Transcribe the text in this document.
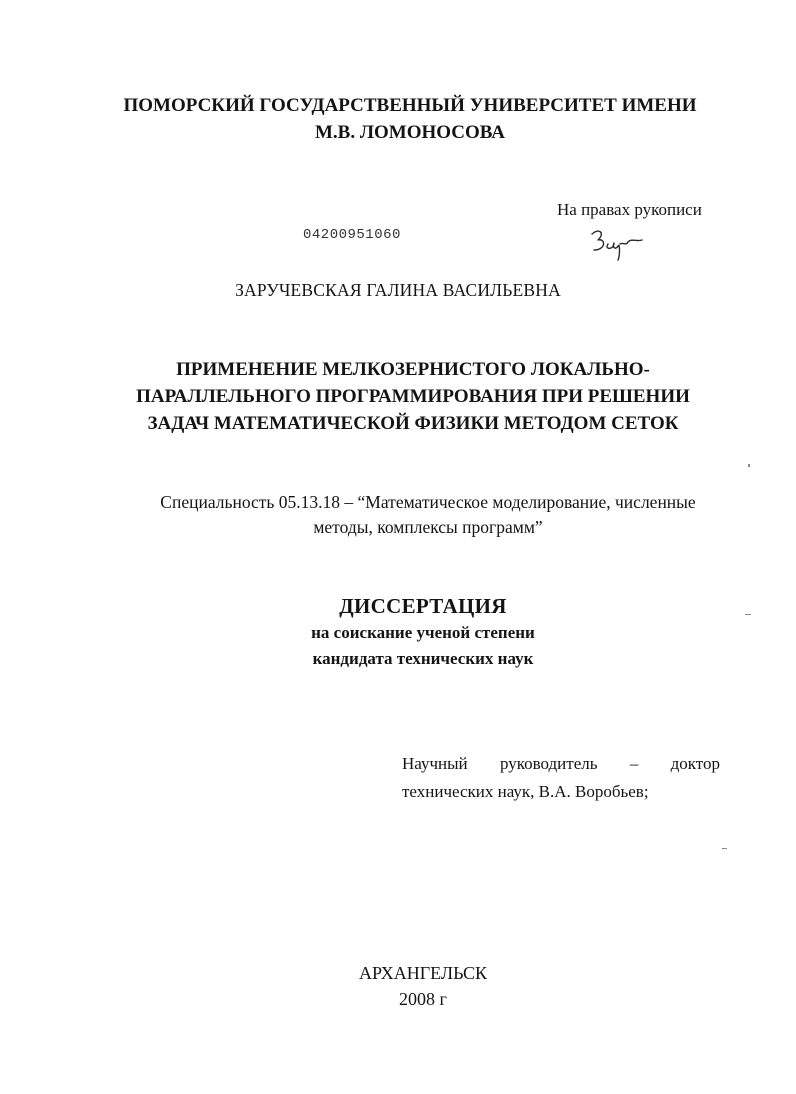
ПОМОРСКИЙ ГОСУДАРСТВЕННЫЙ УНИВЕРСИТЕТ ИМЕНИ
М.В. ЛОМОНОСОВА
На правах рукописи
04200951060
ЗАРУЧЕВСКАЯ ГАЛИНА ВАСИЛЬЕВНА
ПРИМЕНЕНИЕ МЕЛКОЗЕРНИСТОГО ЛОКАЛЬНО-
ПАРАЛЛЕЛЬНОГО ПРОГРАММИРОВАНИЯ ПРИ РЕШЕНИИ
ЗАДАЧ МАТЕМАТИЧЕСКОЙ ФИЗИКИ МЕТОДОМ СЕТОК
Специальность 05.13.18 – “Математическое моделирование, численные
методы, комплексы программ”
ДИССЕРТАЦИЯ
на соискание ученой степени
кандидата технических наук
Научный руководитель – доктор
технических наук, В.А. Воробьев;
АРХАНГЕЛЬСК
2008 г
